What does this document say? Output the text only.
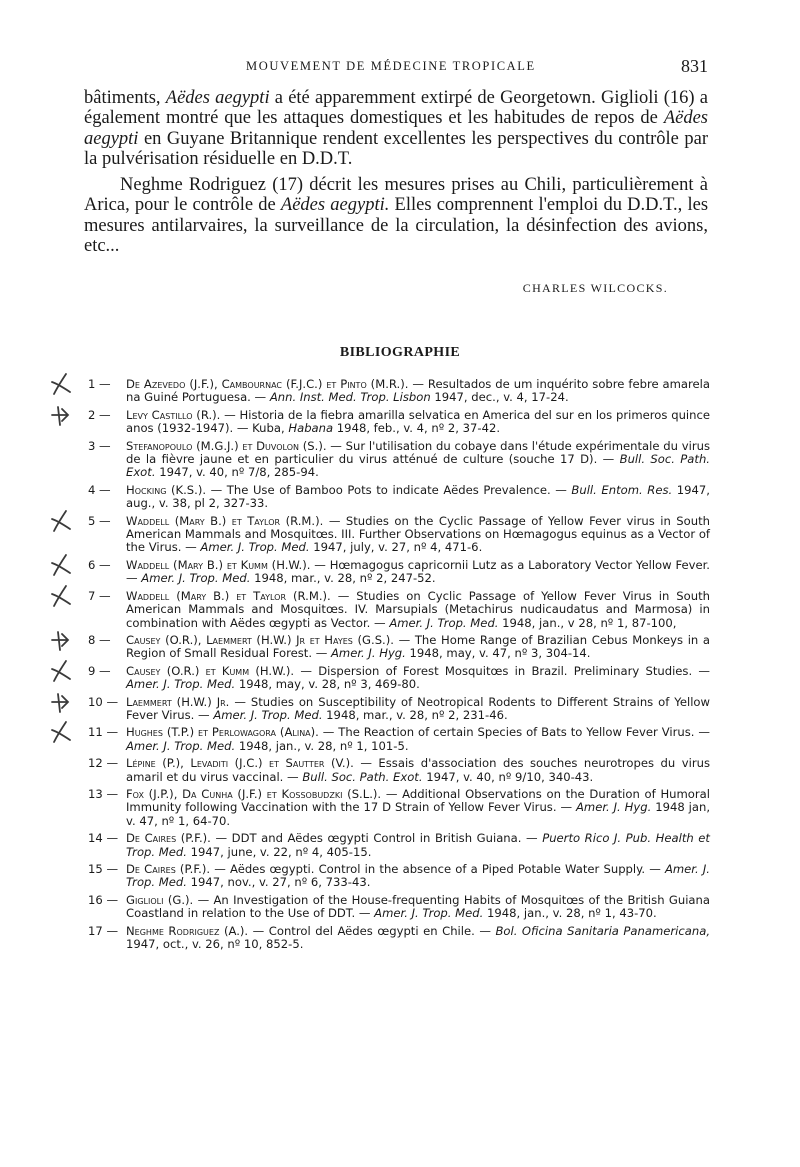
MOUVEMENT DE MÉDECINE TROPICALE	831

bâtiments, Aëdes aegypti a été apparemment extirpé de Georgetown. Giglioli (16) a également montré que les attaques domestiques et les habitudes de repos de Aëdes aegypti en Guyane Britannique rendent excellentes les perspectives du contrôle par la pulvérisation résiduelle en D.D.T.

Neghme Rodriguez (17) décrit les mesures prises au Chili, particulièrement à Arica, pour le contrôle de Aëdes aegypti. Elles comprennent l'emploi du D.D.T., les mesures antilarvaires, la surveillance de la circulation, la désinfection des avions, etc...

CHARLES WILCOCKS.
BIBLIOGRAPHIE
1 —	De Azevedo (J.F.), Cambournac (F.J.C.) et Pinto (M.R.). — Resultados de um inquérito sobre febre amarela na Guiné Portuguesa. — Ann. Inst. Med. Trop. Lisbon 1947, dec., v. 4, 17-24.
2 —	Levy Castillo (R.). — Historia de la fiebra amarilla selvatica en America del sur en los primeros quince anos (1932-1947). — Kuba, Habana 1948, feb., v. 4, nº 2, 37-42.
3 —	Stefanopoulo (M.G.J.) et Duvolon (S.). — Sur l'utilisation du cobaye dans l'étude expérimentale du virus de la fièvre jaune et en particulier du virus atténué de culture (souche 17 D). — Bull. Soc. Path. Exot. 1947, v. 40, nº 7/8, 285-94.
4 —	Hocking (K.S.). — The Use of Bamboo Pots to indicate Aëdes Prevalence. — Bull. Entom. Res. 1947, aug., v. 38, pl 2, 327-33.
5 —	Waddell (Mary B.) et Taylor (R.M.). — Studies on the Cyclic Passage of Yellow Fever virus in South American Mammals and Mosquitœs. III. Further Observations on Hœmagogus equinus as a Vector of the Virus. — Amer. J. Trop. Med. 1947, july, v. 27, nº 4, 471-6.
6 —	Waddell (Mary B.) et Kumm (H.W.). — Hœmagogus capricornii Lutz as a Laboratory Vector Yellow Fever. — Amer. J. Trop. Med. 1948, mar., v. 28, nº 2, 247-52.
7 —	Waddell (Mary B.) et Taylor (R.M.). — Studies on Cyclic Passage of Yellow Fever Virus in South American Mammals and Mosquitœs. IV. Marsupials (Metachirus nudicaudatus and Marmosa) in combination with Aëdes œgypti as Vector. — Amer. J. Trop. Med. 1948, jan., v 28, nº 1, 87-100,
8 —	Causey (O.R.), Laemmert (H.W.) Jr et Hayes (G.S.). — The Home Range of Brazilian Cebus Monkeys in a Region of Small Residual Forest. — Amer. J. Hyg. 1948, may, v. 47, nº 3, 304-14.
9 —	Causey (O.R.) et Kumm (H.W.). — Dispersion of Forest Mosquitœs in Brazil. Preliminary Studies. — Amer. J. Trop. Med. 1948, may, v. 28, nº 3, 469-80.
10 — Laemmert (H.W.) Jr. — Studies on Susceptibility of Neotropical Rodents to Different Strains of Yellow Fever Virus. — Amer. J. Trop. Med. 1948, mar., v. 28, nº 2, 231-46.
11 — Hughes (T.P.) et Perlowagora (Alina). — The Reaction of certain Species of Bats to Yellow Fever Virus. — Amer. J. Trop. Med. 1948, jan., v. 28, nº 1, 101-5.
12 — Lépine (P.), Levaditi (J.C.) et Sautter (V.). — Essais d'association des souches neurotropes du virus amaril et du virus vaccinal. — Bull. Soc. Path. Exot. 1947, v. 40, nº 9/10, 340-43.
13 — Fox (J.P.), Da Cunha (J.F.) et Kossobudzki (S.L.). — Additional Observations on the Duration of Humoral Immunity following Vaccination with the 17 D Strain of Yellow Fever Virus. — Amer. J. Hyg. 1948 jan, v. 47, nº 1, 64-70.
14 — De Caires (P.F.). — DDT and Aëdes œgypti Control in British Guiana. — Puerto Rico J. Pub. Health et Trop. Med. 1947, june, v. 22, nº 4, 405-15.
15 — De Caires (P.F.). — Aëdes œgypti. Control in the absence of a Piped Potable Water Supply. — Amer. J. Trop. Med. 1947, nov., v. 27, nº 6, 733-43.
16 — Giglioli (G.). — An Investigation of the House-frequenting Habits of Mosquitœs of the British Guiana Coastland in relation to the Use of DDT. — Amer. J. Trop. Med. 1948, jan., v. 28, nº 1, 43-70.
17 — Neghme Rodriguez (A.). — Control del Aëdes œgypti en Chile. — Bol. Oficina Sanitaria Panamericana, 1947, oct., v. 26, nº 10, 852-5.
